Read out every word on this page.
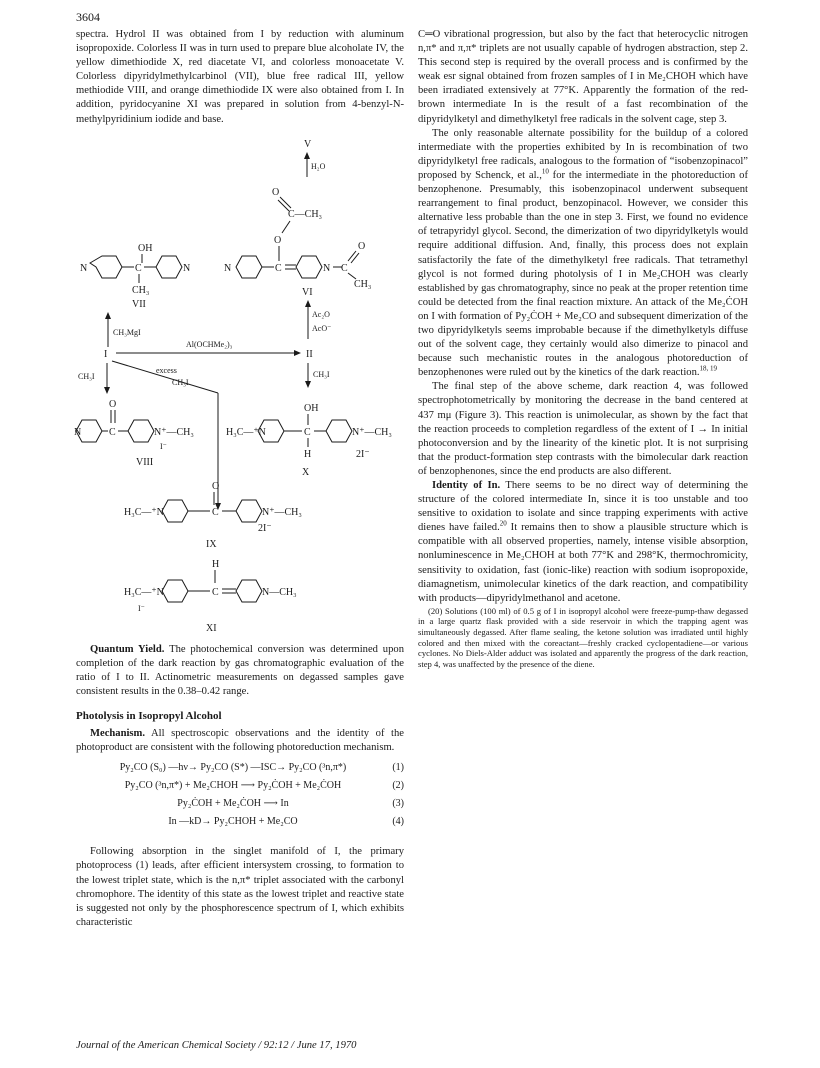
3604

spectra. Hydrol II was obtained from I by reduction with aluminum isopropoxide. Colorless II was in turn used to prepare blue alcoholate IV, the yellow dimethiodide X, red diacetate VI, and colorless monoacetate V. Colorless dipyridylmethylcarbinol (VII), blue free radical III, yellow methiodide VIII, and orange dimethiodide IX were also obtained from I. In addition, pyridocyanine XI was prepared in solution from 4-benzyl-N-methylpyridinium iodide and base.

V
H₂O
O
C—CH₃
O
OH
N	C	N
CH₃
VII
N	C	N C
O
CH₃
VI
CH₃MgI
Ac₂O
AcO⁻
I
Al(OCHMe₂)₃
II
CH₃I
excess
CH₃I
CH₃I
O
N	C	N⁺—CH₃
I⁻
VIII
H₃C—⁺N
OH
C
H
N⁺—CH₃
2I⁻
X
O
H₃C—⁺N	C	N⁺—CH₃
2I⁻
IX
H
H₃C—⁺N	C	N—CH₃
I⁻
XI

Quantum Yield. The photochemical conversion was determined upon completion of the dark reaction by gas chromatographic evaluation of the ratio of I to II. Actinometric measurements on degassed samples gave consistent results in the 0.38–0.42 range.

Photolysis in Isopropyl Alcohol

Mechanism. All spectroscopic observations and the identity of the photoproduct are consistent with the following photoreduction mechanism.

Py₂CO (S₀) —hν→ Py₂CO (S*) —ISC→ Py₂CO (³n,π*)	(1)
Py₂CO (³n,π*) + Me₂CHOH ⟶ Py₂ĊOH + Me₂ĊOH	(2)
Py₂ĊOH + Me₂ĊOH ⟶ In	(3)
In —kD→ Py₂CHOH + Me₂CO	(4)

Following absorption in the singlet manifold of I, the primary photoprocess (1) leads, after efficient intersystem crossing, to formation to the lowest triplet state, which is the n,π* triplet associated with the carbonyl chromophore. The identity of this state as the lowest triplet and reactive state is suggested not only by the phosphorescence spectrum of I, which exhibits characteristic

C═O vibrational progression, but also by the fact that heterocyclic nitrogen n,π* and π,π* triplets are not usually capable of hydrogen abstraction, step 2. This second step is required by the overall process and is confirmed by the weak esr signal obtained from frozen samples of I in Me₂CHOH which have been irradiated extensively at 77°K. Apparently the formation of the red-brown intermediate In is the result of a fast recombination of the dipyridylketyl and dimethylketyl free radicals in the solvent cage, step 3.

The only reasonable alternate possibility for the buildup of a colored intermediate with the properties exhibited by In is recombination of two dipyridylketyl free radicals, analogous to the formation of “isobenzopinacol” proposed by Schenck, et al.,$^{10}$ for the intermediate in the photoreduction of benzophenone. Presumably, this isobenzopinacol underwent subsequent rearrangement to final product, benzopinacol. However, we consider this alternative less probable than the one in step 3. First, we found no evidence of tetrapyridyl glycol. Second, the dimerization of two dipyridylketyls would require additional diffusion. And, finally, this process does not explain satisfactorily the fate of the dimethylketyl free radicals. That tetramethyl glycol is not formed during photolysis of I in Me₂CHOH was clearly established by gas chromatography, since no peak at the proper retention time could be detected from the final reaction mixture. An attack of the Me₂ĊOH on I with formation of Py₂ĊOH + Me₂CO and subsequent dimerization of the two dipyridylketyls seems improbable because if the dimethylketyls diffuse out of the solvent cage, they certainly would also dimerize to pinacol and because such mechanistic routes in the analogous photoreduction of benzophenones were ruled out by the kinetics of the dark reaction.$^{18, 19}$

The final step of the above scheme, dark reaction 4, was followed spectrophotometrically by monitoring the decrease in the band centered at 437 mμ (Figure 3). This reaction is unimolecular, as shown by the fact that the reaction proceeds to completion regardless of the extent of I → In initial photoconversion and by the linearity of the kinetic plot. It is not surprising that the product-formation step contrasts with the bimolecular dark reaction of benzophenones, since the end products are also different.

Identity of In. There seems to be no direct way of determining the structure of the colored intermediate In, since it is too unstable and too sensitive to oxidation to isolate and since trapping experiments with active dienes have failed.$^{20}$ It remains then to show a plausible structure which is compatible with all observed properties, namely, intense visible absorption, nonluminescence in Me₂CHOH at both 77°K and 298°K, thermochromicity, sensitivity to oxidation, fast (ionic-like) reaction with sodium isopropoxide, diamagnetism, unimolecular kinetics of the dark reaction, and compatibility with products—dipyridylmethanol and acetone.

(20) Solutions (100 ml) of 0.5 g of I in isopropyl alcohol were freeze-pump-thaw degassed in a large quartz flask provided with a side reservoir in which the trapping agent was simultaneously degassed. After flame sealing, the ketone solution was irradiated until highly colored and then mixed with the coreactant—freshly cracked cyclopentadiene—or various cyclones. No Diels-Alder adduct was isolated and apparently the progress of the dark reaction, step 4, was unaffected by the presence of the diene.

Journal of the American Chemical Society / 92:12 / June 17, 1970
